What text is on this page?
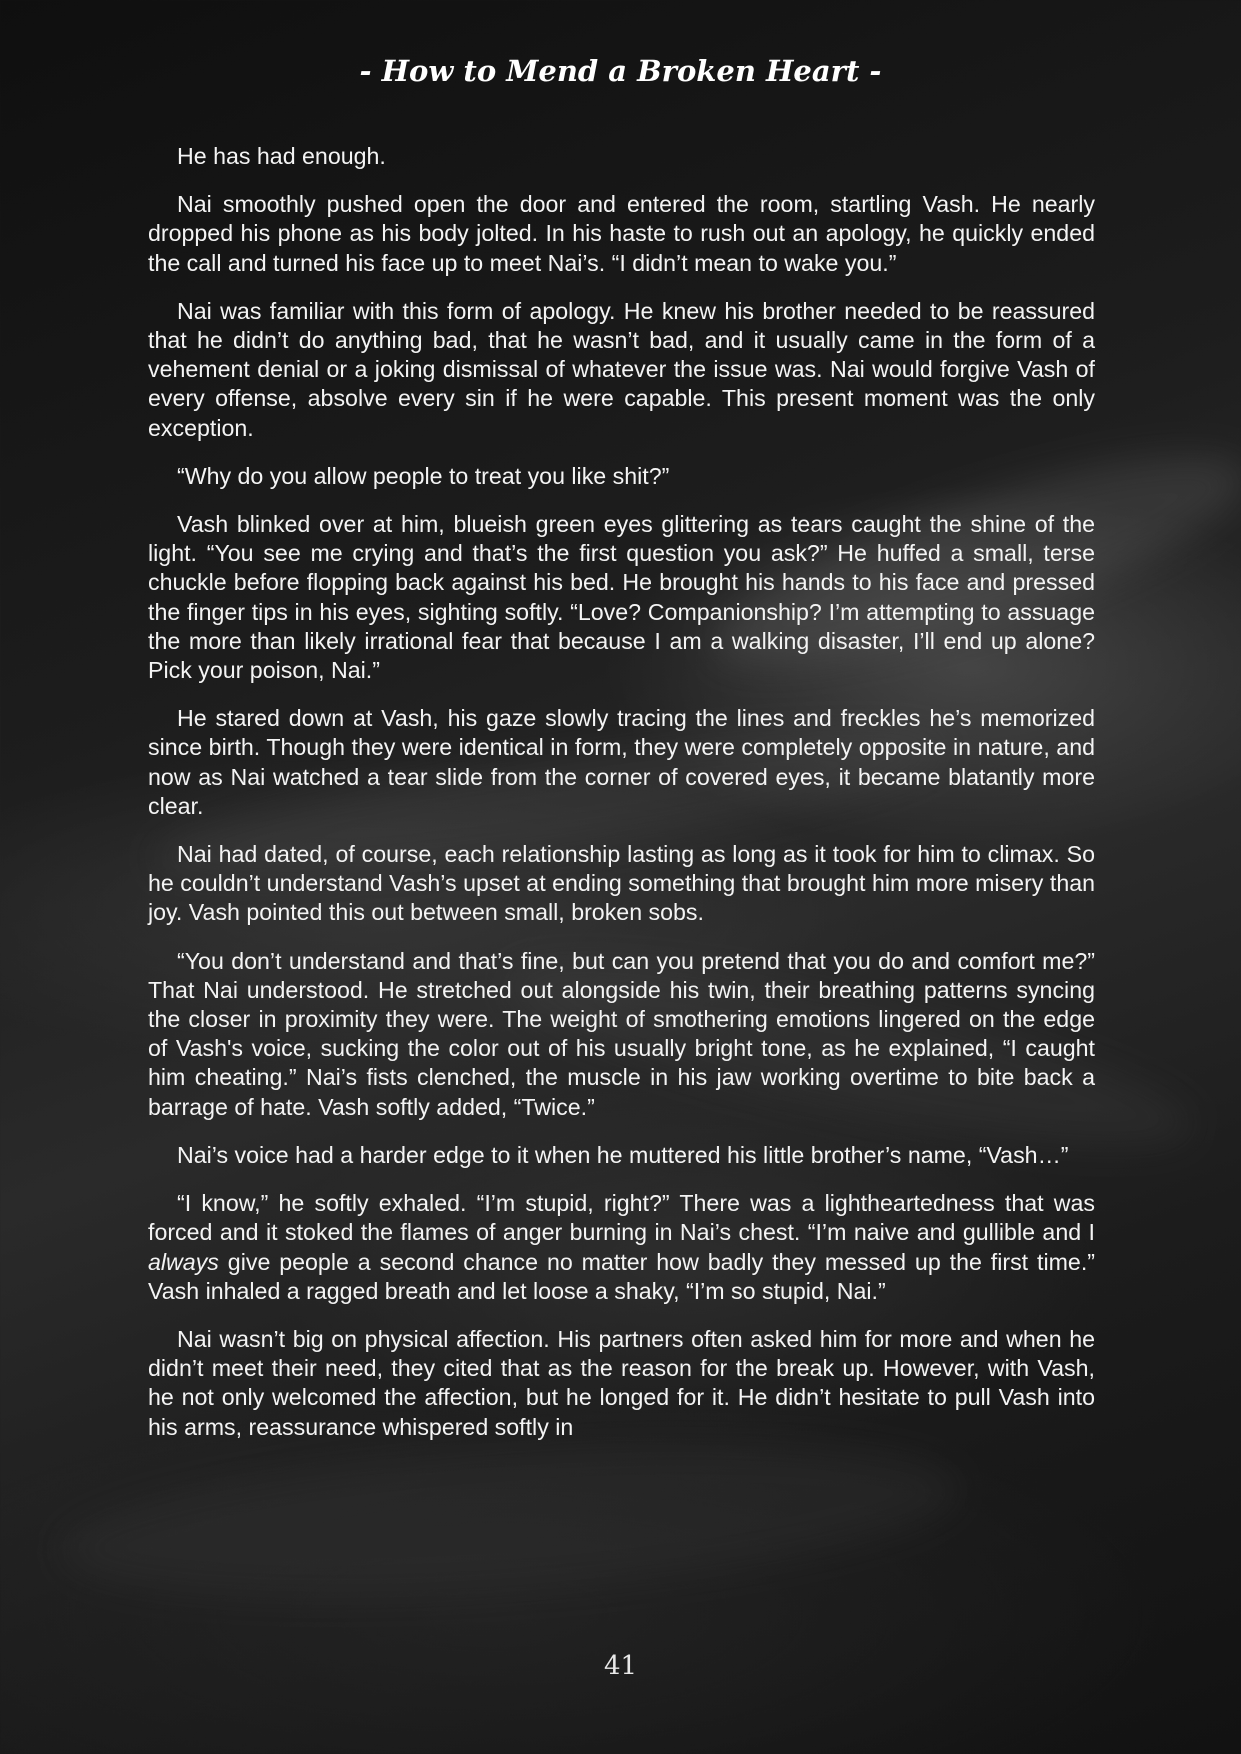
- How to Mend a Broken Heart -

He has had enough.

Nai smoothly pushed open the door and entered the room, startling Vash. He nearly dropped his phone as his body jolted. In his haste to rush out an apology, he quickly ended the call and turned his face up to meet Nai’s. “I didn’t mean to wake you.”

Nai was familiar with this form of apology. He knew his brother needed to be reassured that he didn’t do anything bad, that he wasn’t bad, and it usually came in the form of a vehement denial or a joking dismissal of whatever the issue was. Nai would forgive Vash of every offense, absolve every sin if he were capable. This present moment was the only exception.

“Why do you allow people to treat you like shit?”

Vash blinked over at him, blueish green eyes glittering as tears caught the shine of the light. “You see me crying and that’s the first question you ask?” He huffed a small, terse chuckle before flopping back against his bed. He brought his hands to his face and pressed the finger tips in his eyes, sighting softly. “Love? Companionship? I’m attempting to assuage the more than likely irrational fear that because I am a walking disaster, I’ll end up alone? Pick your poison, Nai.”

He stared down at Vash, his gaze slowly tracing the lines and freckles he’s memorized since birth. Though they were identical in form, they were completely opposite in nature, and now as Nai watched a tear slide from the corner of covered eyes, it became blatantly more clear.

Nai had dated, of course, each relationship lasting as long as it took for him to climax. So he couldn’t understand Vash’s upset at ending something that brought him more misery than joy. Vash pointed this out between small, broken sobs.

“You don’t understand and that’s fine, but can you pretend that you do and comfort me?” That Nai understood. He stretched out alongside his twin, their breathing patterns syncing the closer in proximity they were. The weight of smothering emotions lingered on the edge of Vash's voice, sucking the color out of his usually bright tone, as he explained, “I caught him cheating.” Nai’s fists clenched, the muscle in his jaw working overtime to bite back a barrage of hate. Vash softly added, “Twice.”

Nai’s voice had a harder edge to it when he muttered his little brother’s name, “Vash…”

“I know,” he softly exhaled. “I’m stupid, right?” There was a lightheartedness that was forced and it stoked the flames of anger burning in Nai’s chest. “I’m naive and gullible and I always give people a second chance no matter how badly they messed up the first time.” Vash inhaled a ragged breath and let loose a shaky, “I’m so stupid, Nai.”

Nai wasn’t big on physical affection. His partners often asked him for more and when he didn’t meet their need, they cited that as the reason for the break up. However, with Vash, he not only welcomed the affection, but he longed for it. He didn’t hesitate to pull Vash into his arms, reassurance whispered softly in

41
